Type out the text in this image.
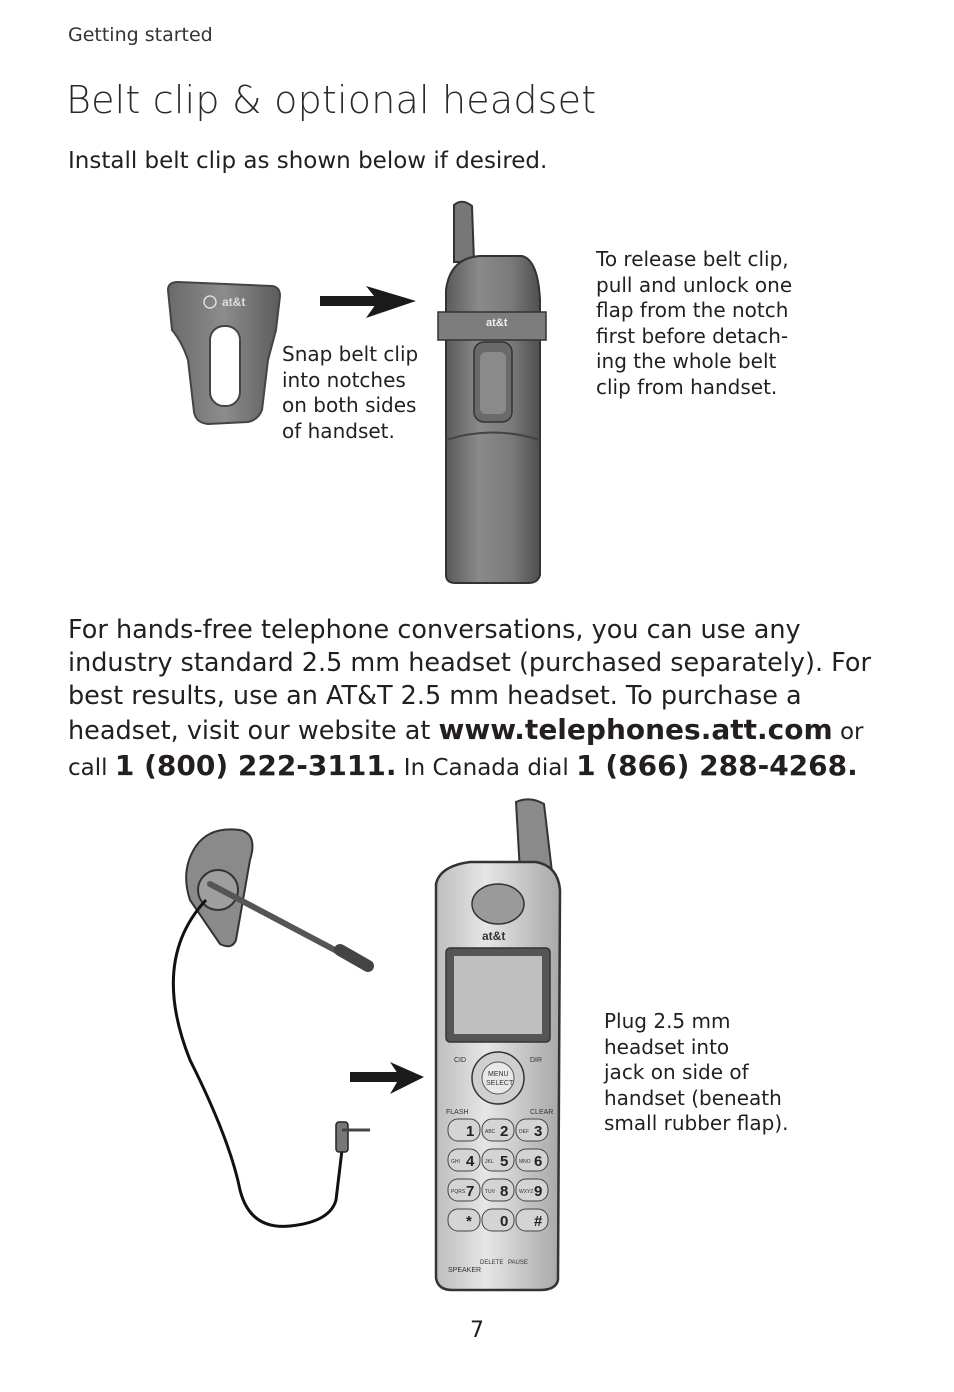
Getting started
Belt clip & optional headset
Install belt clip as shown below if desired.
at&t
at&t
Snap belt clip
into notches
on both sides
of handset.
To release belt clip,
pull and unlock one
flap from the notch
first before detach-
ing the whole belt
clip from handset.
For hands-free telephone conversations, you can use any industry standard 2.5 mm headset (purchased separately). For best results, use an AT&T 2.5 mm headset. To purchase a headset, visit our website at www.telephones.att.com or call 1 (800) 222-3111. In Canada dial 1 (866) 288-4268.
at&t
MENU
SELECT
CID	DIR
FLASH	CLEAR
1 2
ABC	3
DEF
4
GHI	5
JKL	6
MNO
7
PQRS 8
TUV	9
WXYZ
* 0 #
SPEAKER
DELETE PAUSE
Plug 2.5 mm
headset into
jack on side of
handset (beneath
small rubber flap).
7
